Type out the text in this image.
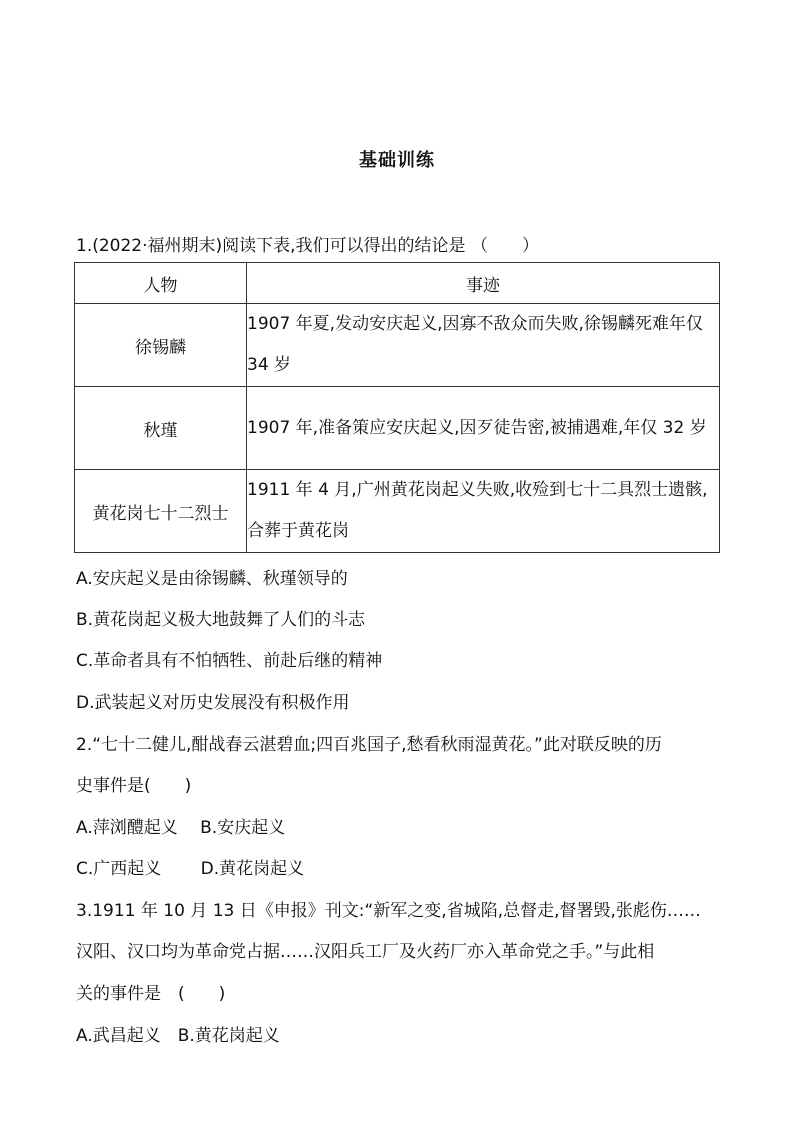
基础训练
1.(2022·福州期末)阅读下表,我们可以得出的结论是 （　　）
人物	事迹
徐锡麟	1907 年夏,发动安庆起义,因寡不敌众而失败,徐锡麟死难年仅 34 岁
秋瑾	1907 年,准备策应安庆起义,因歹徒告密,被捕遇难,年仅 32 岁
黄花岗七十二烈士	1911 年 4 月,广州黄花岗起义失败,收殓到七十二具烈士遗骸,合葬于黄花岗
A.安庆起义是由徐锡麟、秋瑾领导的
B.黄花岗起义极大地鼓舞了人们的斗志
C.革命者具有不怕牺牲、前赴后继的精神
D.武装起义对历史发展没有积极作用
2.“七十二健儿,酣战春云湛碧血;四百兆国子,愁看秋雨湿黄花。”此对联反映的历
史事件是(　　)
A.萍浏醴起义　 B.安庆起义
C.广西起义　　 D.黄花岗起义
3.1911 年 10 月 13 日《申报》刊文:“新军之变,省城陷,总督走,督署毁,张彪伤……
汉阳、汉口均为革命党占据……汉阳兵工厂及火药厂亦入革命党之手。”与此相
关的事件是　(　　)
A.武昌起义　B.黄花岗起义
